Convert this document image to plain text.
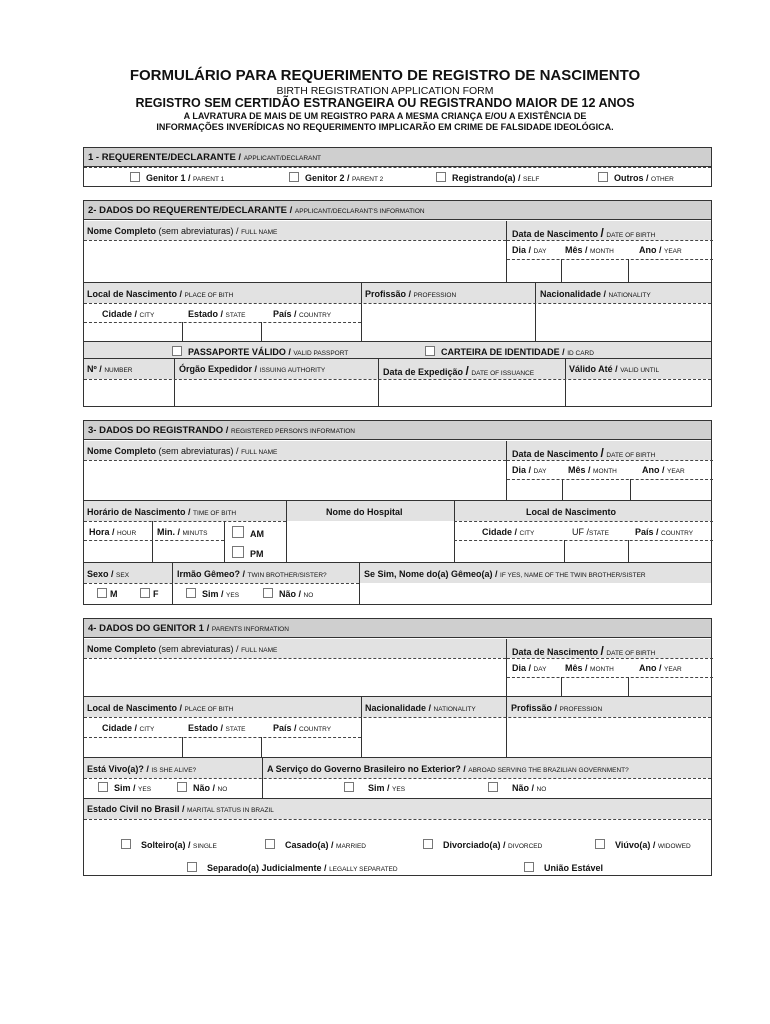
FORMULÁRIO PARA REQUERIMENTO DE REGISTRO DE NASCIMENTO
BIRTH REGISTRATION APPLICATION FORM
REGISTRO SEM CERTIDÃO ESTRANGEIRA OU REGISTRANDO MAIOR DE 12 ANOS
A LAVRATURA DE MAIS DE UM REGISTRO PARA A MESMA CRIANÇA E/OU A EXISTÊNCIA DE INFORMAÇÕES INVERÍDICAS NO REQUERIMENTO IMPLICARÃO EM CRIME DE FALSIDADE IDEOLÓGICA.
1 - REQUERENTE/DECLARANTE / APPLICANT/DECLARANT
Genitor 1 / PARENT 1	Genitor 2 / PARENT 2	Registrando(a) / SELF	Outros / OTHER
2- DADOS DO REQUERENTE/DECLARANTE / APPLICANT/DECLARANT'S INFORMATION
Nome Completo (sem abreviaturas) / FULL NAME	Data de Nascimento / DATE OF BIRTH
Dia / DAY Mês / MONTH	Ano / YEAR
Local de Nascimento / PLACE OF BITH	Profissão / PROFESSION	Nacionalidade / NATIONALITY
Cidade / CITY	Estado / STATE	País / COUNTRY
PASSAPORTE VÁLIDO / VALID PASSPORT	CARTEIRA DE IDENTIDADE / ID CARD
Nº / NUMBER	Órgão Expedidor / ISSUING AUTHORITY	Data de Expedição / DATE OF ISSUANCE	Válido Até / VALID UNTIL
3- DADOS DO REGISTRANDO / REGISTERED PERSON'S INFORMATION
Nome Completo (sem abreviaturas) / FULL NAME	Data de Nascimento / DATE OF BIRTH
Dia / DAY Mês / MONTH	Ano / YEAR
Horário de Nascimento / TIME OF BITH	Nome do Hospital	Local de Nascimento
Hora / HOUR Min. / MINUTS	AM
PM
Cidade / CITY	UF /STATE	País / COUNTRY
Sexo / SEX	Irmão Gêmeo? / TWIN BROTHER/SISTER?	Se Sim, Nome do(a) Gêmeo(a) / IF YES, NAME OF THE TWIN BROTHER/SISTER
M	F	Sim / YES	Não / NO
4- DADOS DO GENITOR 1 / PARENTS INFORMATION
Nome Completo (sem abreviaturas) / FULL NAME	Data de Nascimento / DATE OF BIRTH
Dia / DAY Mês / MONTH	Ano / YEAR
Local de Nascimento / PLACE OF BITH	Nacionalidade / NATIONALITY	Profissão / PROFESSION
Cidade / CITY	Estado / STATE	País / COUNTRY
Está Vivo(a)? / IS SHE ALIVE?	A Serviço do Governo Brasileiro no Exterior? / ABROAD SERVING THE BRAZILIAN GOVERNMENT?
Sim / YES	Não / NO	Sim / YES	Não / NO
Estado Civil no Brasil / MARITAL STATUS IN BRAZIL
Solteiro(a) / SINGLE	Casado(a) / MARRIED	Divorciado(a) / DIVORCED	Viúvo(a) / WIDOWED
Separado(a) Judicialmente / LEGALLY SEPARATED	União Estável
